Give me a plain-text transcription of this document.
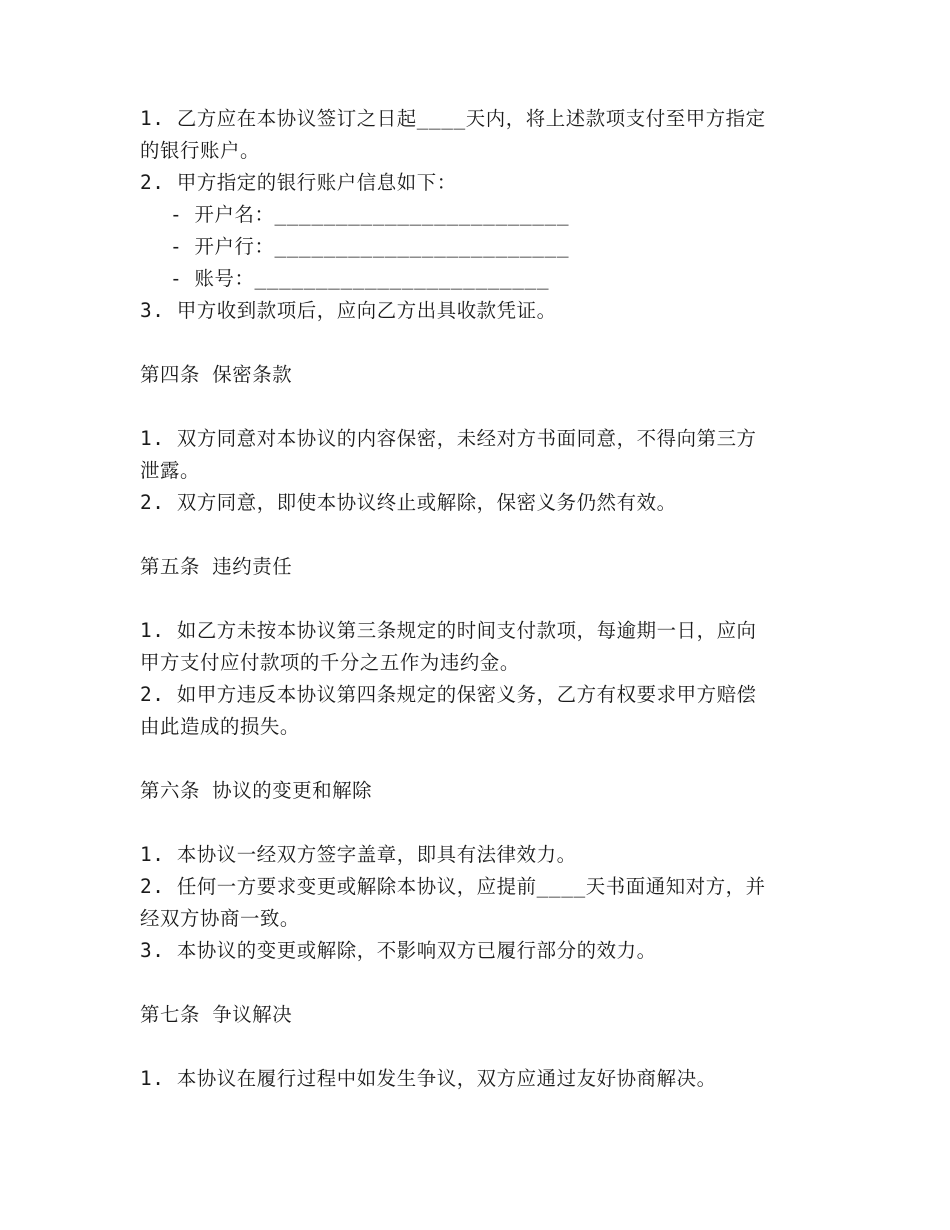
1. 乙方应在本协议签订之日起____天内，将上述款项支付至甲方指定
的银行账户。
2. 甲方指定的银行账户信息如下：
- 开户名：________________________
- 开户行：________________________
- 账号：________________________
3. 甲方收到款项后，应向乙方出具收款凭证。
第四条 保密条款
1. 双方同意对本协议的内容保密，未经对方书面同意，不得向第三方
泄露。
2. 双方同意，即使本协议终止或解除，保密义务仍然有效。
第五条 违约责任
1. 如乙方未按本协议第三条规定的时间支付款项，每逾期一日，应向
甲方支付应付款项的千分之五作为违约金。
2. 如甲方违反本协议第四条规定的保密义务，乙方有权要求甲方赔偿
由此造成的损失。
第六条 协议的变更和解除
1. 本协议一经双方签字盖章，即具有法律效力。
2. 任何一方要求变更或解除本协议，应提前____天书面通知对方，并
经双方协商一致。
3. 本协议的变更或解除，不影响双方已履行部分的效力。
第七条 争议解决
1. 本协议在履行过程中如发生争议，双方应通过友好协商解决。
